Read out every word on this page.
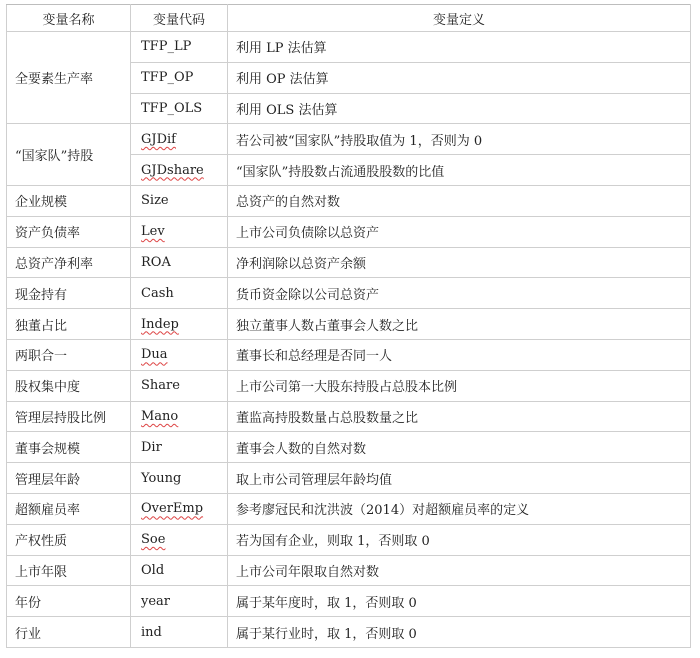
变量名称	变量代码	变量定义
全要素生产率	TFP_LP	利用 LP 法估算
	TFP_OP	利用 OP 法估算
	TFP_OLS	利用 OLS 法估算
“国家队”持股	GJDif	若公司被“国家队”持股取值为 1，否则为 0
	GJDshare	“国家队”持股数占流通股股数的比值
企业规模	Size	总资产的自然对数
资产负债率	Lev	上市公司负债除以总资产
总资产净利率	ROA	净利润除以总资产余额
现金持有	Cash	货币资金除以公司总资产
独董占比	Indep	独立董事人数占董事会人数之比
两职合一	Dua	董事长和总经理是否同一人
股权集中度	Share	上市公司第一大股东持股占总股本比例
管理层持股比例	Mano	董监高持股数量占总股数量之比
董事会规模	Dir	董事会人数的自然对数
管理层年龄	Young	取上市公司管理层年龄均值
超额雇员率	OverEmp	参考廖冠民和沈洪波（2014）对超额雇员率的定义
产权性质	Soe	若为国有企业，则取 1，否则取 0
上市年限	Old	上市公司年限取自然对数
年份	year	属于某年度时，取 1，否则取 0
行业	ind	属于某行业时，取 1，否则取 0
